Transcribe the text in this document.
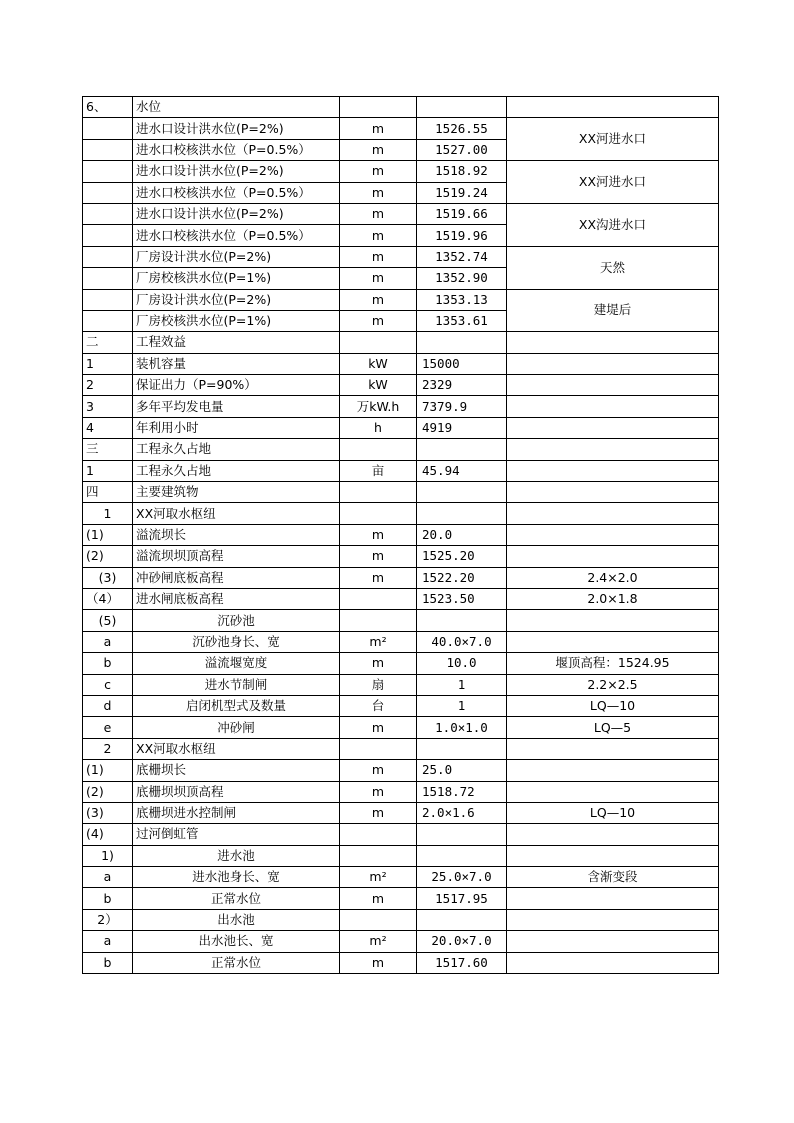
6、	水位			
	进水口设计洪水位(P=2%)	m	1526.55	XX河进水口
	进水口校核洪水位（P=0.5%）	m	1527.00	
	进水口设计洪水位(P=2%)	m	1518.92	XX河进水口
	进水口校核洪水位（P=0.5%）	m	1519.24	
	进水口设计洪水位(P=2%)	m	1519.66	XX沟进水口
	进水口校核洪水位（P=0.5%）	m	1519.96	
	厂房设计洪水位(P=2%)	m	1352.74	天然
	厂房校核洪水位(P=1%)	m	1352.90	
	厂房设计洪水位(P=2%)	m	1353.13	建堤后
	厂房校核洪水位(P=1%)	m	1353.61	
二	工程效益			
1	装机容量	kW	15000	
2	保证出力（P=90%）	kW	2329	
3	多年平均发电量	万kW.h	7379.9	
4	年利用小时	h	4919	
三	工程永久占地			
1	工程永久占地	亩	45.94	
四	主要建筑物			
1	XX河取水枢纽			
(1)	溢流坝长	m	20.0	
(2)	溢流坝坝顶高程	m	1525.20	
(3)	冲砂闸底板高程	m	1522.20	2.4×2.0
（4）	进水闸底板高程		1523.50	2.0×1.8
(5)	沉砂池			
a	沉砂池身长、宽	m²	40.0×7.0	
b	溢流堰宽度	m	10.0	堰顶高程：1524.95
c	进水节制闸	扇	1	2.2×2.5
d	启闭机型式及数量	台	1	LQ—10
e	冲砂闸	m	1.0×1.0	LQ—5
2	XX河取水枢纽			
(1)	底栅坝长	m	25.0	
(2)	底栅坝坝顶高程	m	1518.72	
(3)	底栅坝进水控制闸	m	2.0×1.6	LQ—10
(4)	过河倒虹管			
1)	进水池			
a	进水池身长、宽	m²	25.0×7.0	含渐变段
b	正常水位	m	1517.95	
2）	出水池			
a	出水池长、宽	m²	20.0×7.0	
b	正常水位	m	1517.60	
